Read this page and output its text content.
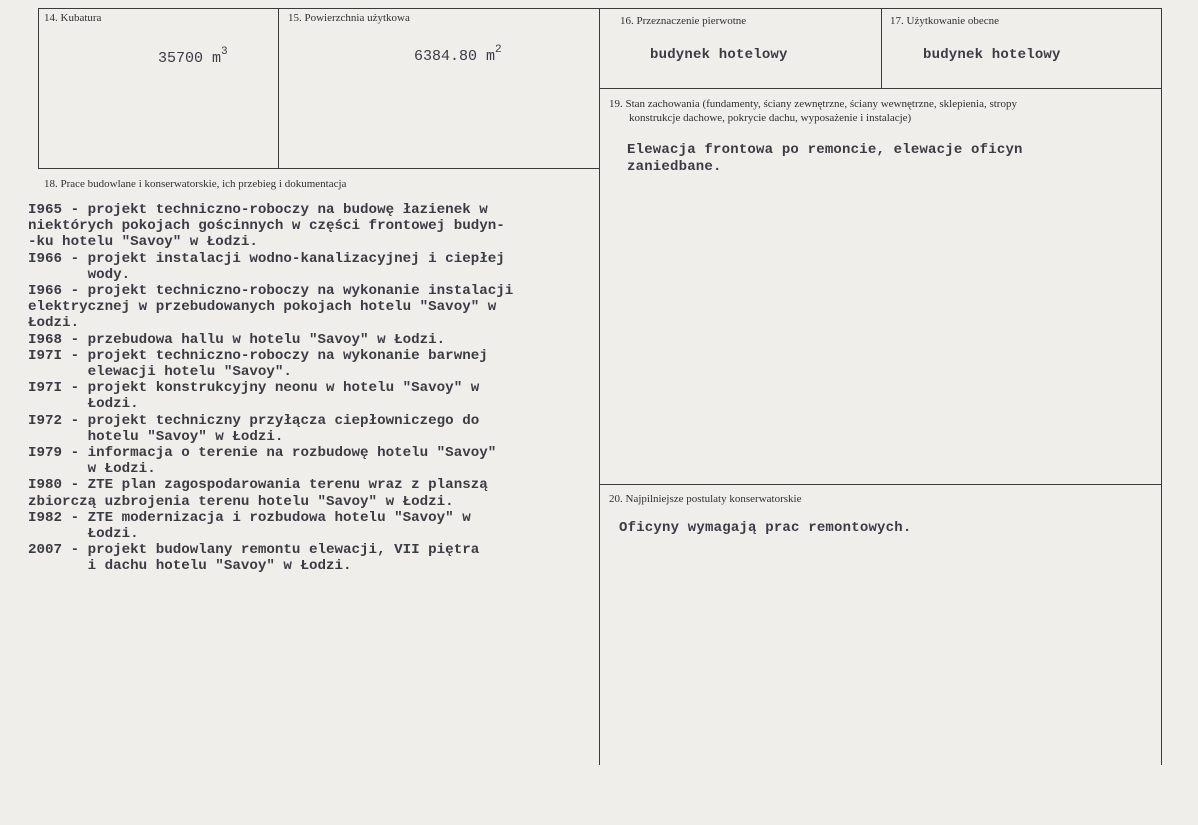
14. Kubatura
35700 $m^3$
15. Powierzchnia użytkowa
6384.80 $m^2$
16. Przeznaczenie pierwotne
budynek hotelowy
17. Użytkowanie obecne
budynek hotelowy
19. Stan zachowania (fundamenty, ściany zewnętrzne, ściany wewnętrzne, sklepienia, stropy
konstrukcje dachowe, pokrycie dachu, wyposażenie i instalacje)
Elewacja frontowa po remoncie, elewacje oficyn
zaniedbane.
18. Prace budowlane i konserwatorskie, ich przebieg i dokumentacja
I965 - projekt techniczno-roboczy na budowę łazienek w
niektórych pokojach gościnnych w części frontowej budyn-
-ku hotelu "Savoy" w Łodzi.
I966 - projekt instalacji wodno-kanalizacyjnej i ciepłej
wody.
I966 - projekt techniczno-roboczy na wykonanie instalacji
elektrycznej w przebudowanych pokojach hotelu "Savoy" w
Łodzi.
I968 - przebudowa hallu w hotelu "Savoy" w Łodzi.
I97I - projekt techniczno-roboczy na wykonanie barwnej
elewacji hotelu "Savoy".
I97I - projekt konstrukcyjny neonu w hotelu "Savoy" w
Łodzi.
I972 - projekt techniczny przyłącza ciepłowniczego do
hotelu "Savoy" w Łodzi.
I979 - informacja o terenie na rozbudowę hotelu "Savoy"
w Łodzi.
I980 - ZTE plan zagospodarowania terenu wraz z planszą
zbiorczą uzbrojenia terenu hotelu "Savoy" w Łodzi.
I982 - ZTE modernizacja i rozbudowa hotelu "Savoy" w
Łodzi.
2007 - projekt budowlany remontu elewacji, VII piętra
i dachu hotelu "Savoy" w Łodzi.
20. Najpilniejsze postulaty konserwatorskie
Oficyny wymagają prac remontowych.
